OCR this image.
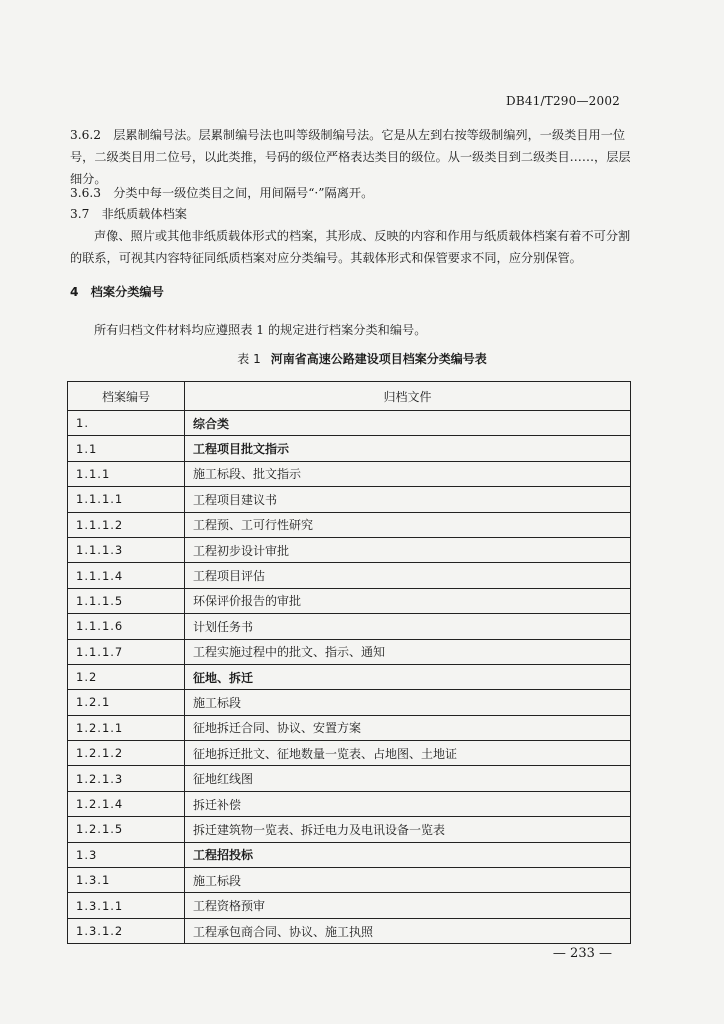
DB41/T290—2002
3.6.2　层累制编号法。层累制编号法也叫等级制编号法。它是从左到右按等级制编列，一级类目用一位号，二级类目用二位号，以此类推，号码的级位严格表达类目的级位。从一级类目到二级类目……，层层细分。
3.6.3　分类中每一级位类目之间，用间隔号“·”隔离开。
3.7　非纸质载体档案
声像、照片或其他非纸质载体形式的档案，其形成、反映的内容和作用与纸质载体档案有着不可分割的联系，可视其内容特征同纸质档案对应分类编号。其载体形式和保管要求不同，应分别保管。
4　档案分类编号
所有归档文件材料均应遵照表 1 的规定进行档案分类和编号。
表 1 河南省高速公路建设项目档案分类编号表
档案编号	归档文件
1.	综合类
1.1	工程项目批文指示
1.1.1	施工标段、批文指示
1.1.1.1	工程项目建议书
1.1.1.2	工程预、工可行性研究
1.1.1.3	工程初步设计审批
1.1.1.4	工程项目评估
1.1.1.5	环保评价报告的审批
1.1.1.6	计划任务书
1.1.1.7	工程实施过程中的批文、指示、通知
1.2	征地、拆迁
1.2.1	施工标段
1.2.1.1	征地拆迁合同、协议、安置方案
1.2.1.2	征地拆迁批文、征地数量一览表、占地图、土地证
1.2.1.3	征地红线图
1.2.1.4	拆迁补偿
1.2.1.5	拆迁建筑物一览表、拆迁电力及电讯设备一览表
1.3	工程招投标
1.3.1	施工标段
1.3.1.1	工程资格预审
1.3.1.2	工程承包商合同、协议、施工执照
— 233 —
